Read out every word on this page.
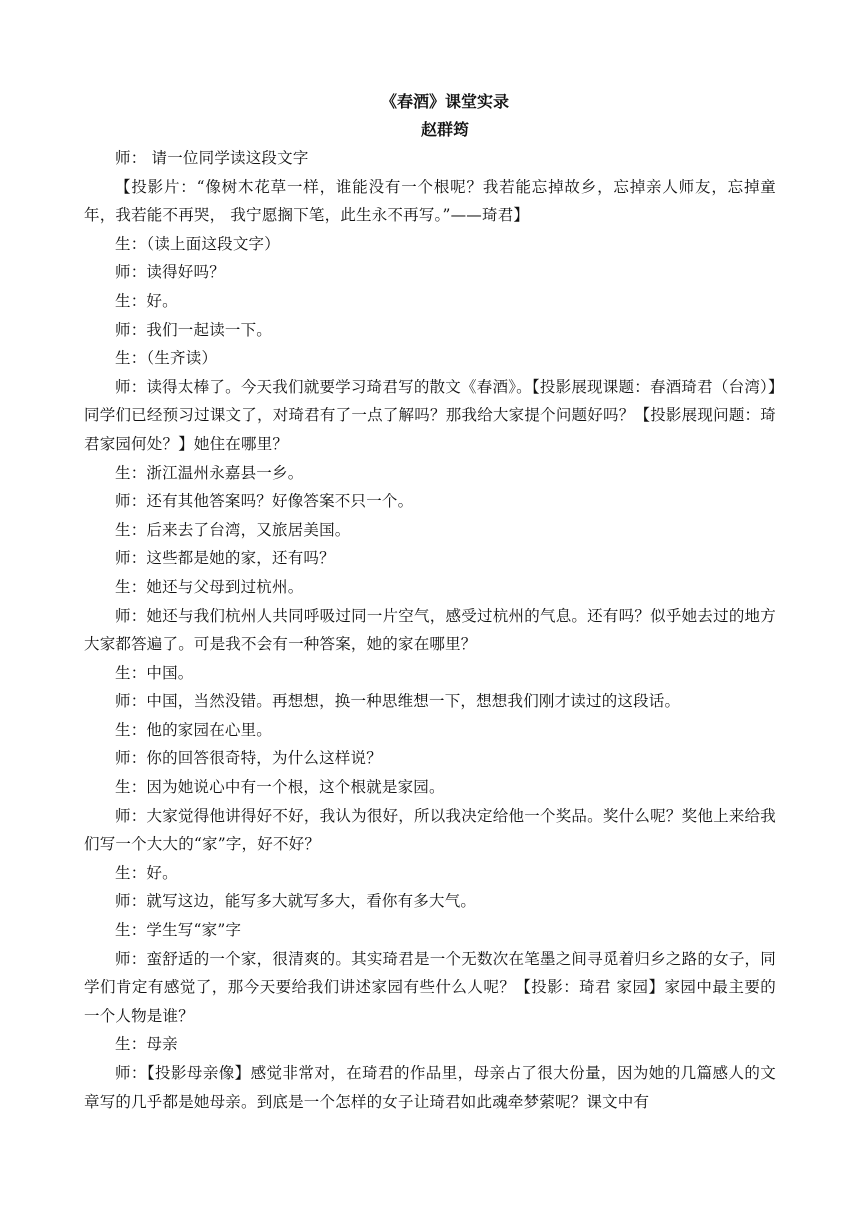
《春酒》课堂实录

赵群筠

师： 请一位同学读这段文字

【投影片：“像树木花草一样，谁能没有一个根呢？我若能忘掉故乡，忘掉亲人师友，忘掉童年，我若能不再哭， 我宁愿搁下笔，此生永不再写。”——琦君】

生：（读上面这段文字）

师：读得好吗？

生：好。

师：我们一起读一下。

生：（生齐读）

师：读得太棒了。今天我们就要学习琦君写的散文《春酒》。【投影展现课题：春酒琦君（台湾）】同学们已经预习过课文了，对琦君有了一点了解吗？那我给大家提个问题好吗？【投影展现问题：琦君家园何处？】她住在哪里？

生：浙江温州永嘉县一乡。

师：还有其他答案吗？好像答案不只一个。

生：后来去了台湾，又旅居美国。

师：这些都是她的家，还有吗？

生：她还与父母到过杭州。

师：她还与我们杭州人共同呼吸过同一片空气，感受过杭州的气息。还有吗？似乎她去过的地方大家都答遍了。可是我不会有一种答案，她的家在哪里？

生：中国。

师：中国，当然没错。再想想，换一种思维想一下，想想我们刚才读过的这段话。

生：他的家园在心里。

师：你的回答很奇特，为什么这样说？

生：因为她说心中有一个根，这个根就是家园。

师：大家觉得他讲得好不好，我认为很好，所以我决定给他一个奖品。奖什么呢？奖他上来给我们写一个大大的“家”字，好不好？

生：好。

师：就写这边，能写多大就写多大，看你有多大气。

生：学生写“家”字

师：蛮舒适的一个家，很清爽的。其实琦君是一个无数次在笔墨之间寻觅着归乡之路的女子，同学们肯定有感觉了，那今天要给我们讲述家园有些什么人呢？【投影：琦君 家园】家园中最主要的一个人物是谁？

生：母亲

师：【投影母亲像】感觉非常对，在琦君的作品里，母亲占了很大份量，因为她的几篇感人的文章写的几乎都是她母亲。到底是一个怎样的女子让琦君如此魂牵梦萦呢？课文中有
